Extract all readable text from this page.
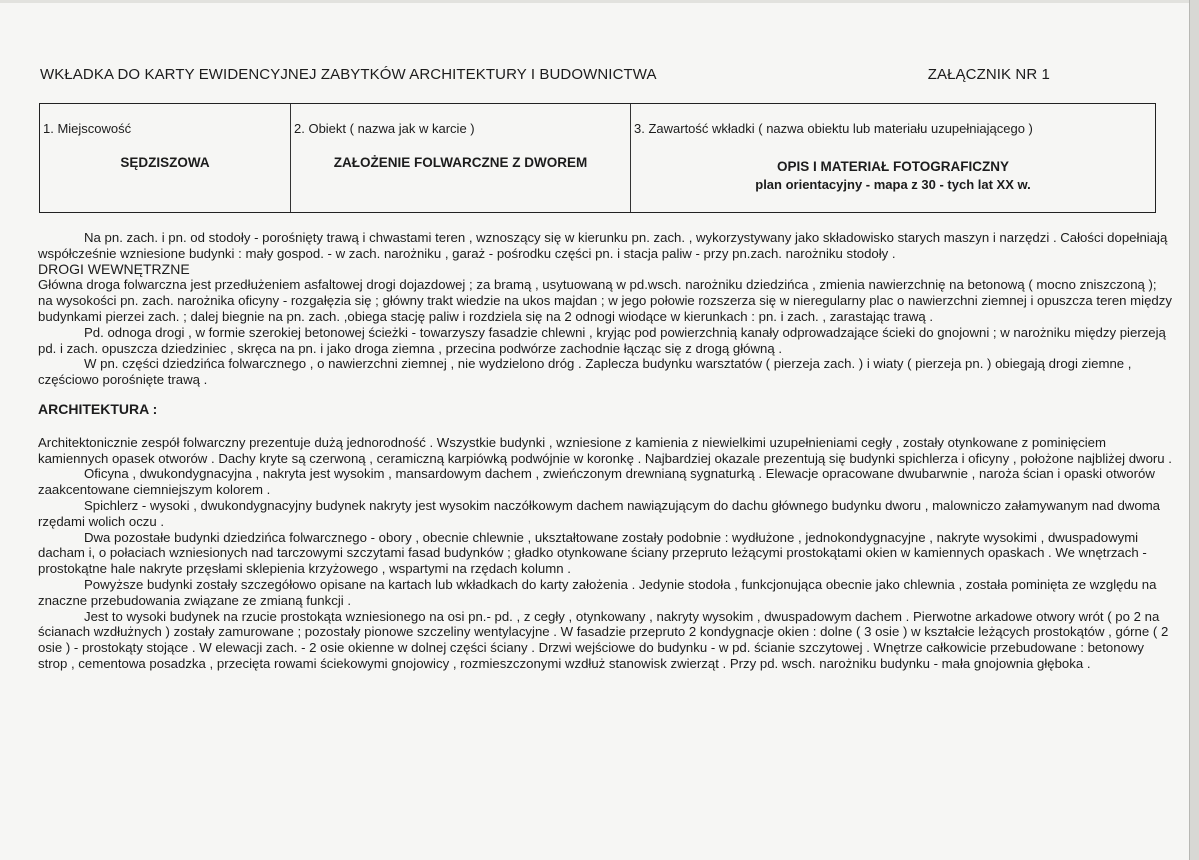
WKŁADKA DO KARTY EWIDENCYJNEJ ZABYTKÓW ARCHITEKTURY I BUDOWNICTWA	ZAŁĄCZNIK NR 1
1. Miejscowość
SĘDZISZOWA
2. Obiekt ( nazwa jak w karcie )
ZAŁOŻENIE FOLWARCZNE Z DWOREM
3. Zawartość wkładki ( nazwa obiektu lub materiału uzupełniającego )
OPIS I MATERIAŁ FOTOGRAFICZNY
plan orientacyjny - mapa z 30 - tych lat XX w.

Na pn. zach. i pn. od stodoły - porośnięty trawą i chwastami teren , wznoszący się w kierunku pn. zach. , wykorzystywany jako składowisko starych maszyn i narzędzi . Całości dopełniają współcześnie wzniesione budynki : mały gospod. - w zach. narożniku , garaż - pośrodku części pn. i stacja paliw - przy pn.zach. narożniku stodoły .

DROGI WEWNĘTRZNE

Główna droga folwarczna jest przedłużeniem asfaltowej drogi dojazdowej ; za bramą , usytuowaną w pd.wsch. narożniku dziedzińca , zmienia nawierzchnię na betonową ( mocno zniszczoną ); na wysokości pn. zach. narożnika oficyny - rozgałęzia się ; główny trakt wiedzie na ukos majdan ; w jego połowie rozszerza się w nieregularny plac o nawierzchni ziemnej i opuszcza teren między budynkami pierzei zach. ; dalej biegnie na pn. zach. ,obiega stację paliw i rozdziela się na 2 odnogi wiodące w kierunkach : pn. i zach. , zarastając trawą .

Pd. odnoga drogi , w formie szerokiej betonowej ścieżki - towarzyszy fasadzie chlewni , kryjąc pod powierzchnią kanały odprowadzające ścieki do gnojowni ; w narożniku między pierzeją pd. i zach. opuszcza dziedziniec , skręca na pn. i jako droga ziemna , przecina podwórze zachodnie łącząc się z drogą główną .

W pn. części dziedzińca folwarcznego , o nawierzchni ziemnej , nie wydzielono dróg . Zaplecza budynku warsztatów ( pierzeja zach. ) i wiaty ( pierzeja pn. ) obiegają drogi ziemne , częściowo porośnięte trawą .

ARCHITEKTURA :

Architektonicznie zespół folwarczny prezentuje dużą jednorodność . Wszystkie budynki , wzniesione z kamienia z niewielkimi uzupełnieniami cegły , zostały otynkowane z pominięciem kamiennych opasek otworów . Dachy kryte są czerwoną , ceramiczną karpiówką podwójnie w koronkę . Najbardziej okazale prezentują się budynki spichlerza i oficyny , położone najbliżej dworu .

Oficyna , dwukondygnacyjna , nakryta jest wysokim , mansardowym dachem , zwieńczonym drewnianą sygnaturką . Elewacje opracowane dwubarwnie , naroża ścian i opaski otworów zaakcentowane ciemniejszym kolorem .

Spichlerz - wysoki , dwukondygnacyjny budynek nakryty jest wysokim naczółkowym dachem nawiązującym do dachu głównego budynku dworu , malowniczo załamywanym nad dwoma rzędami wolich oczu .

Dwa pozostałe budynki dziedzińca folwarcznego - obory , obecnie chlewnie , ukształtowane zostały podobnie : wydłużone , jednokondygnacyjne , nakryte wysokimi , dwuspadowymi dacham i, o połaciach wzniesionych nad tarczowymi szczytami fasad budynków ; gładko otynkowane ściany przepruto leżącymi prostokątami okien w kamiennych opaskach . We wnętrzach - prostokątne hale nakryte przęsłami sklepienia krzyżowego , wspartymi na rzędach kolumn .

Powyższe budynki zostały szczegółowo opisane na kartach lub wkładkach do karty założenia . Jedynie stodoła , funkcjonująca obecnie jako chlewnia , została pominięta ze względu na znaczne przebudowania związane ze zmianą funkcji .

Jest to wysoki budynek na rzucie prostokąta wzniesionego na osi pn.- pd. , z cegły , otynkowany , nakryty wysokim , dwuspadowym dachem . Pierwotne arkadowe otwory wrót ( po 2 na ścianach wzdłużnych ) zostały zamurowane ; pozostały pionowe szczeliny wentylacyjne . W fasadzie przepruto 2 kondygnacje okien : dolne ( 3 osie ) w kształcie leżących prostokątów , górne ( 2 osie ) - prostokąty stojące . W elewacji zach. - 2 osie okienne w dolnej części ściany . Drzwi wejściowe do budynku - w pd. ścianie szczytowej . Wnętrze całkowicie przebudowane : betonowy strop , cementowa posadzka , przecięta rowami ściekowymi gnojowicy , rozmieszczonymi wzdłuż stanowisk zwierząt . Przy pd. wsch. narożniku budynku - mała gnojownia głęboka .
